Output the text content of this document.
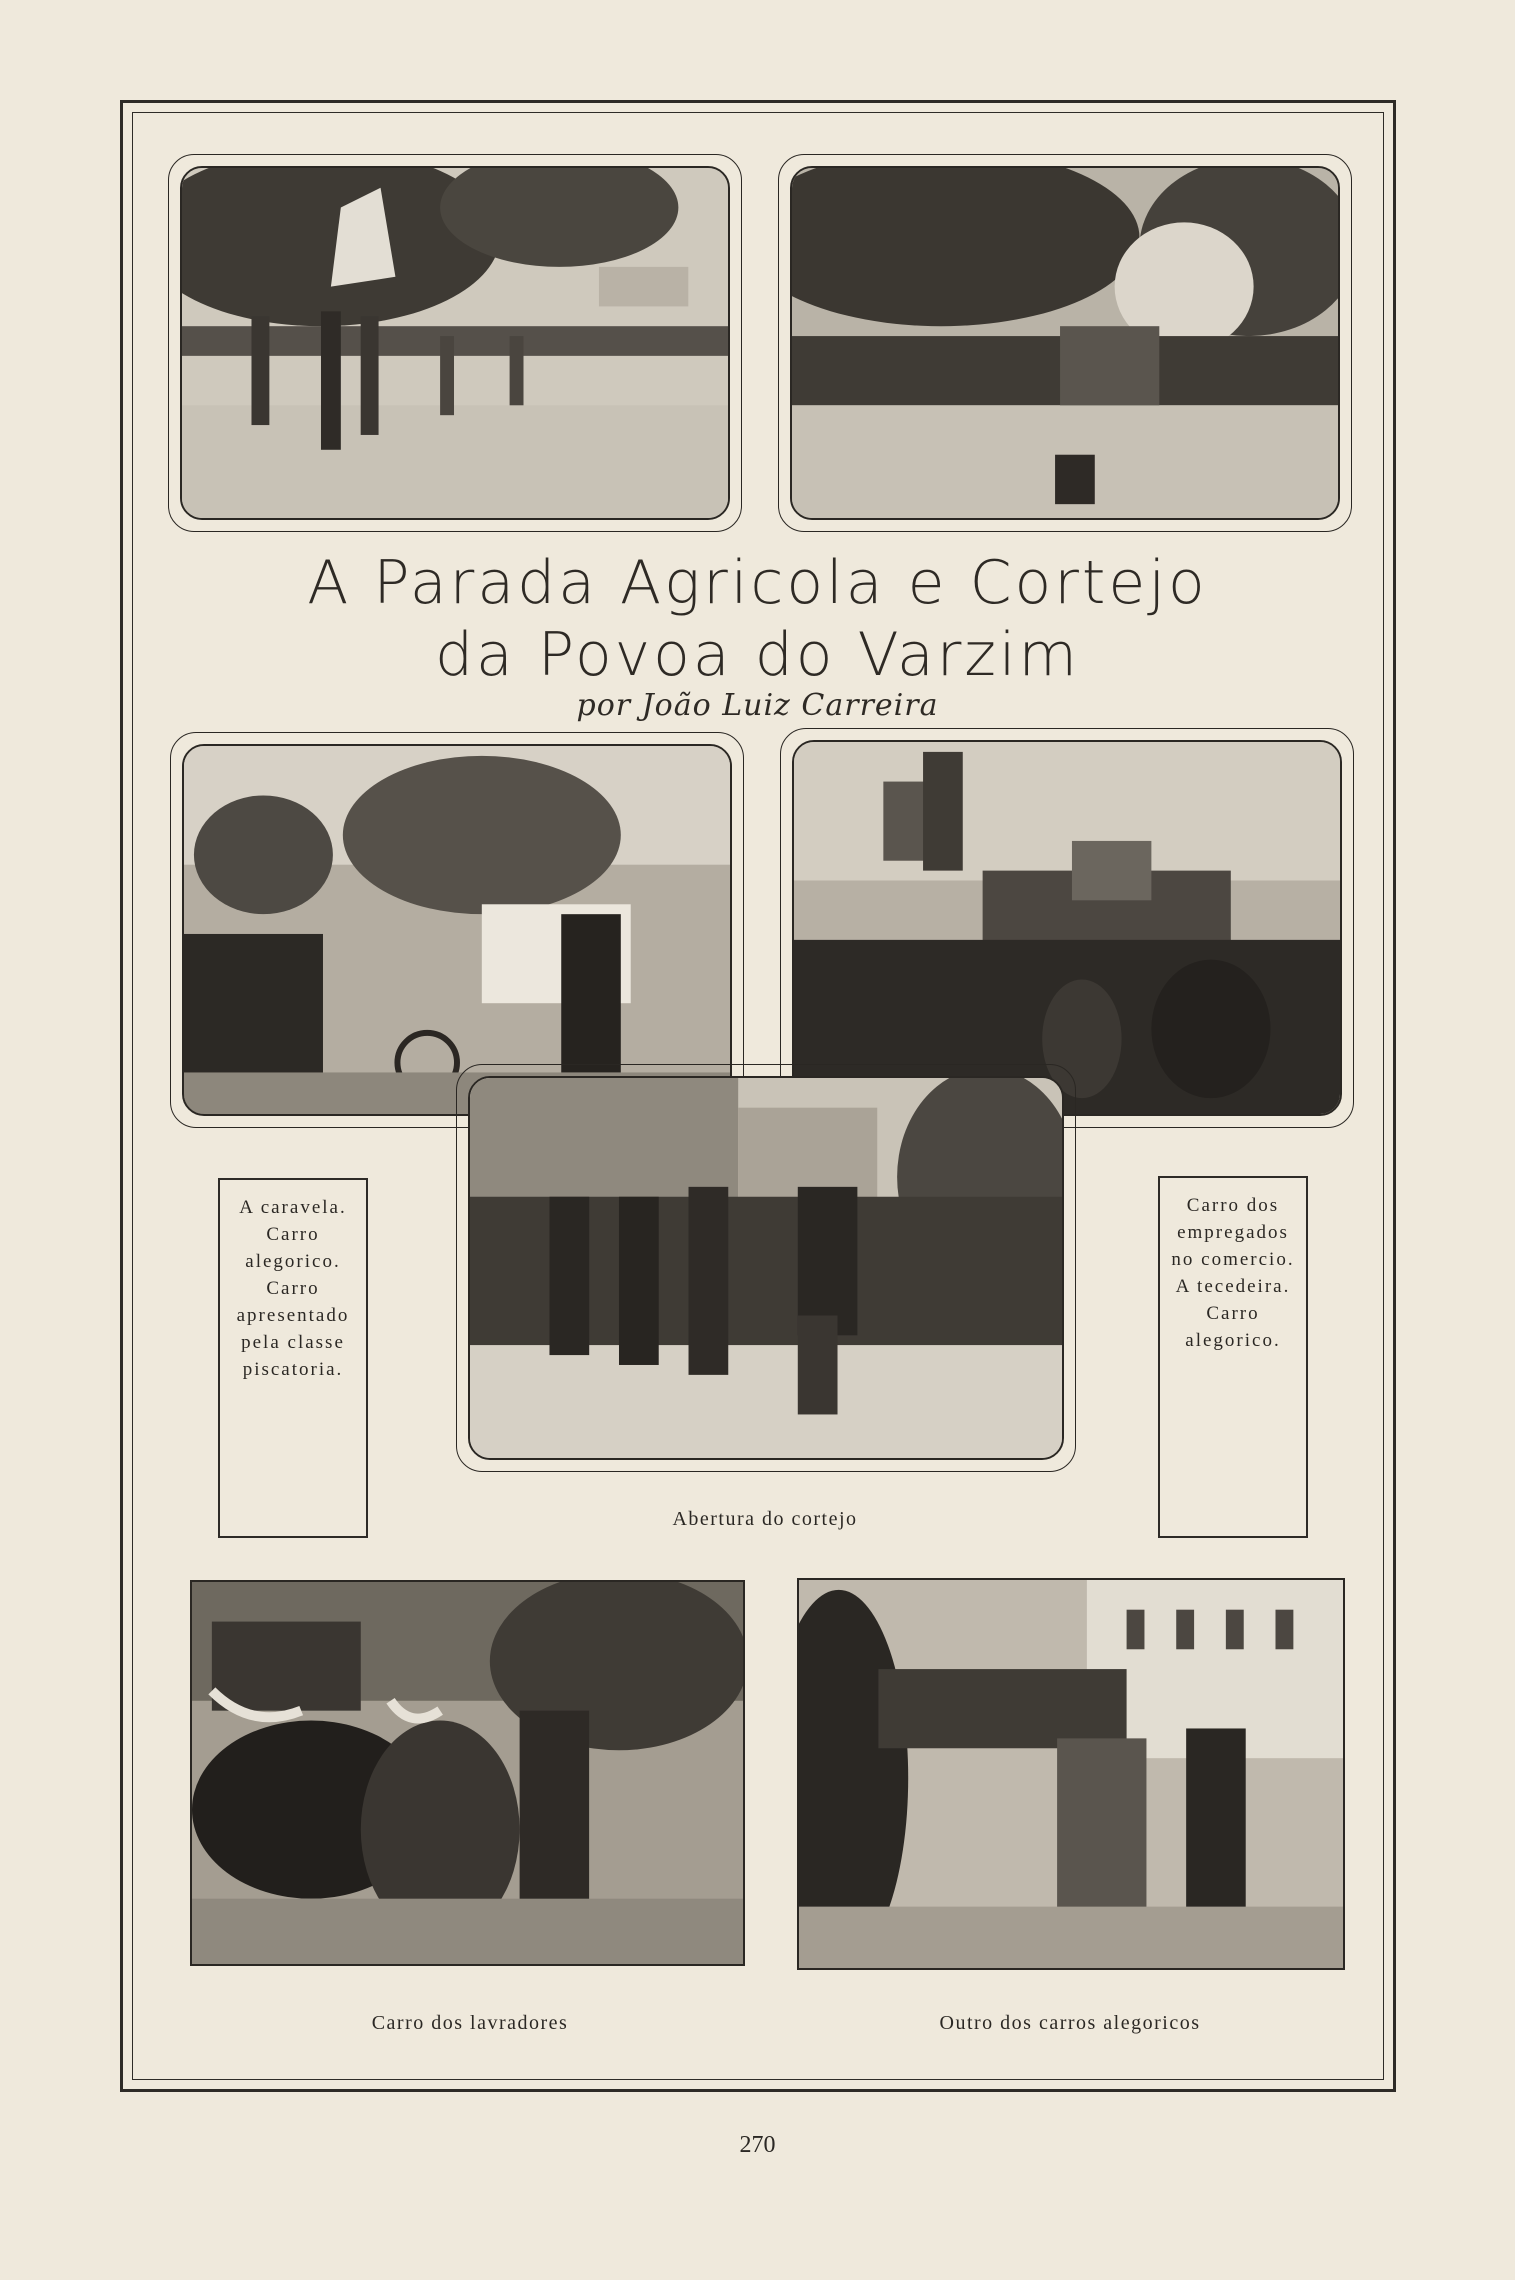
A Parada Agricola e Cortejo
da Povoa do Varzim
por João Luiz Carreira
A caravela. Carro alegorico. Carro apresentado pela classe piscatoria.
Carro dos empregados no comercio. A tecedeira. Carro alegorico.
Abertura do cortejo
Carro dos lavradores	Outro dos carros alegoricos
270
